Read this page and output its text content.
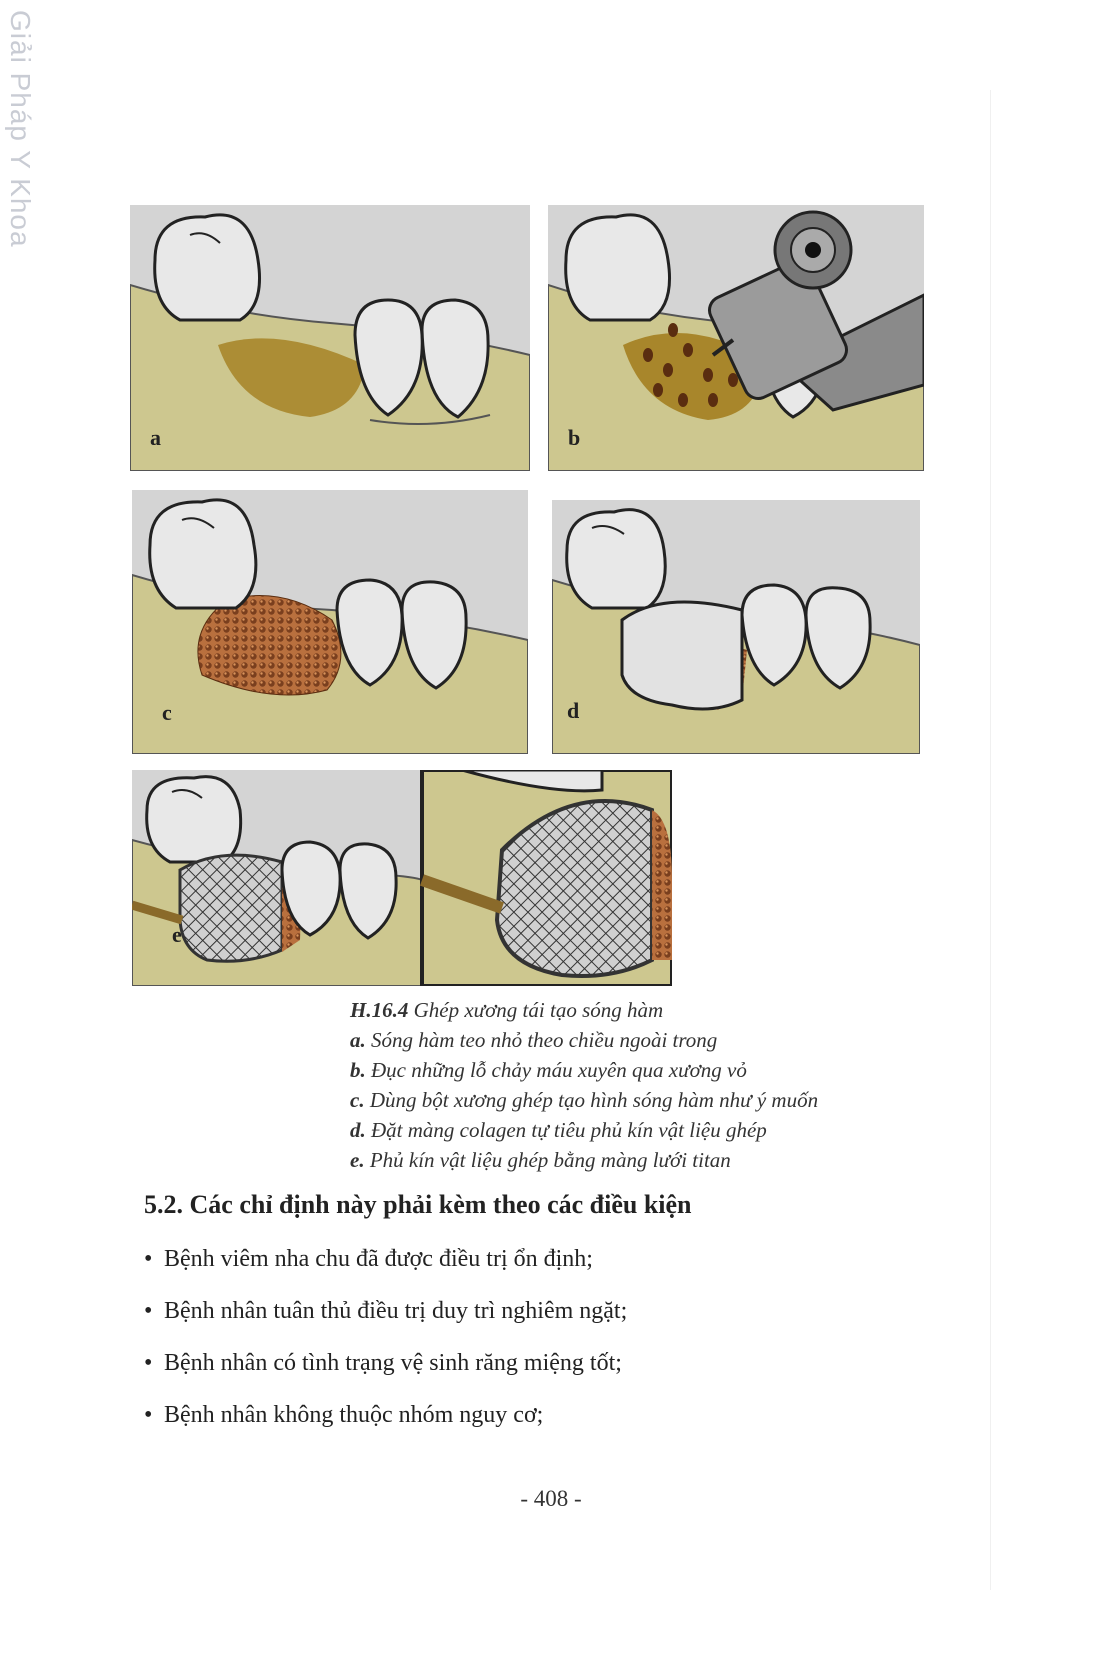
Giải Pháp Y Khoa
a	b
c	d
e
H.16.4 Ghép xương tái tạo sóng hàm
a. Sóng hàm teo nhỏ theo chiều ngoài trong
b. Đục những lỗ chảy máu xuyên qua xương vỏ
c. Dùng bột xương ghép tạo hình sóng hàm như ý muốn
d. Đặt màng colagen tự tiêu phủ kín vật liệu ghép
e. Phủ kín vật liệu ghép bằng màng lưới titan
5.2. Các chỉ định này phải kèm theo các điều kiện
• Bệnh viêm nha chu đã được điều trị ổn định;
• Bệnh nhân tuân thủ điều trị duy trì nghiêm ngặt;
• Bệnh nhân có tình trạng vệ sinh răng miệng tốt;
• Bệnh nhân không thuộc nhóm nguy cơ;
- 408 -
